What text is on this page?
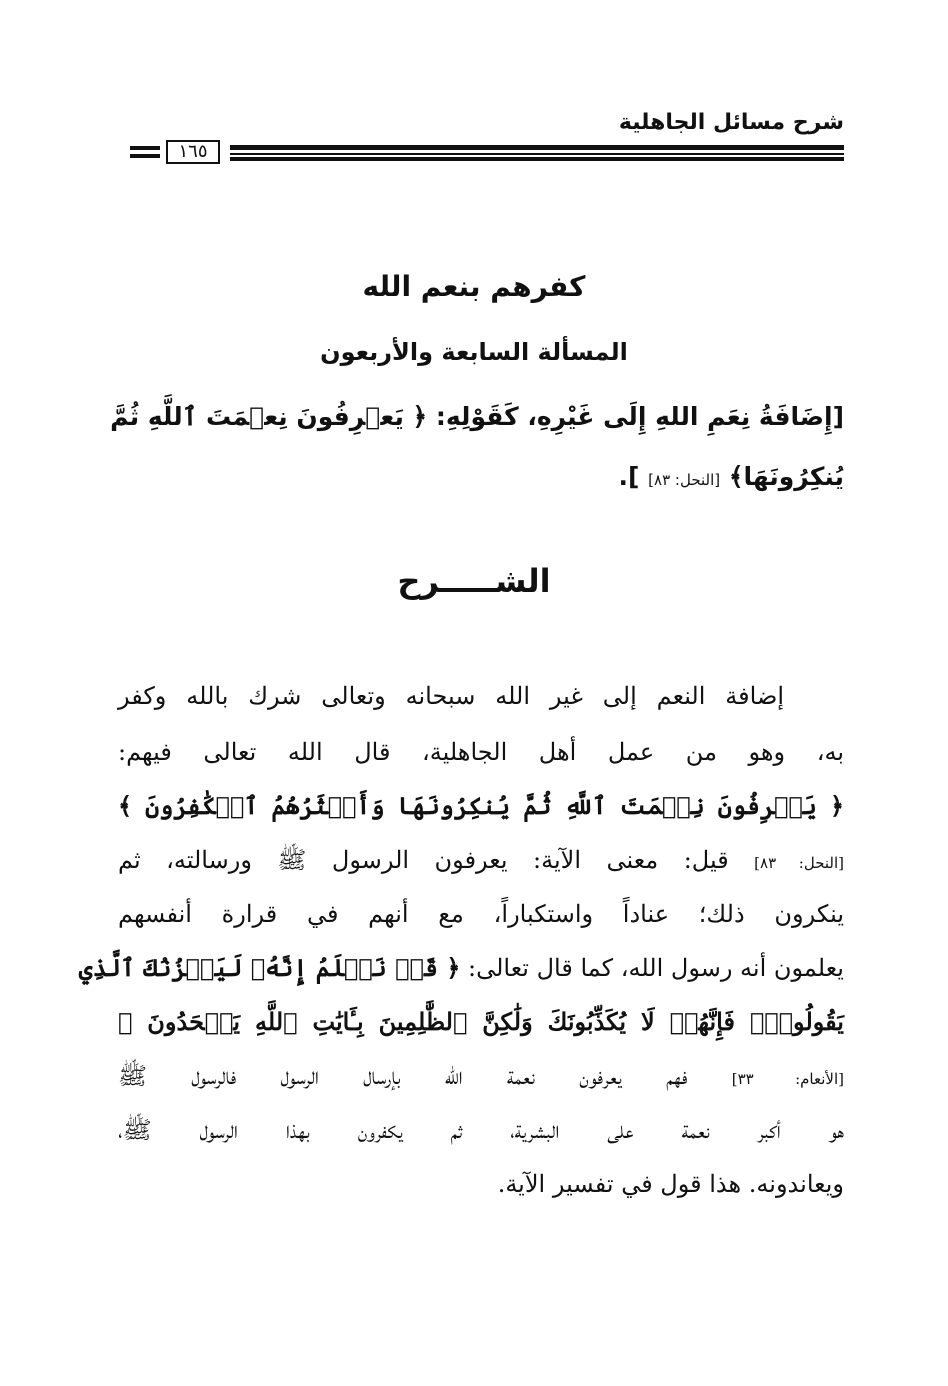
شرح مسائل الجاهلية
١٦٥
كفرهم بنعم الله
المسألة السابعة والأربعون
[إِضَافَةُ نِعَمِ اللهِ إِلَى غَيْرِهِ، كَقَوْلِهِ: ﴿ يَعۡرِفُونَ نِعۡمَتَ ٱللَّهِ ثُمَّ
يُنكِرُونَهَا﴾ [النحل: ٨٣] ].
الشـــــرح
إضافة النعم إلى غير الله سبحانه وتعالى شرك بالله وكفر
به، وهو من عمل أهل الجاهلية، قال الله تعالى فيهم:
﴿ يَعۡرِفُونَ نِعۡمَتَ ٱللَّهِ ثُمَّ يُنكِرُونَهَا وَأَكۡثَرُهُمُ ٱلۡكَٰفِرُونَ ﴾
[النحل: ٨٣] قيل: معنى الآية: يعرفون الرسول ﷺ ورسالته، ثم
ينكرون ذلك؛ عناداً واستكباراً، مع أنهم في قرارة أنفسهم
يعلمون أنه رسول الله، كما قال تعالى: ﴿ قَدۡ نَعۡلَمُ إِنَّهُۥ لَيَحۡزُنُكَ ٱلَّذِي
يَقُولُونَۖ فَإِنَّهُمۡ لَا يُكَذِّبُونَكَ وَلَٰكِنَّ ٱلظَّٰلِمِينَ بِـَٔايَٰتِ ٱللَّهِ يَجۡحَدُونَ ﴾
[الأنعام: ٣٣] فهم يعرفون نعمة الله بإرسال الرسول فالرسول ﷺ
هو أكبر نعمة على البشرية، ثم يكفرون بهذا الرسول ﷺ،
ويعاندونه. هذا قول في تفسير الآية.
